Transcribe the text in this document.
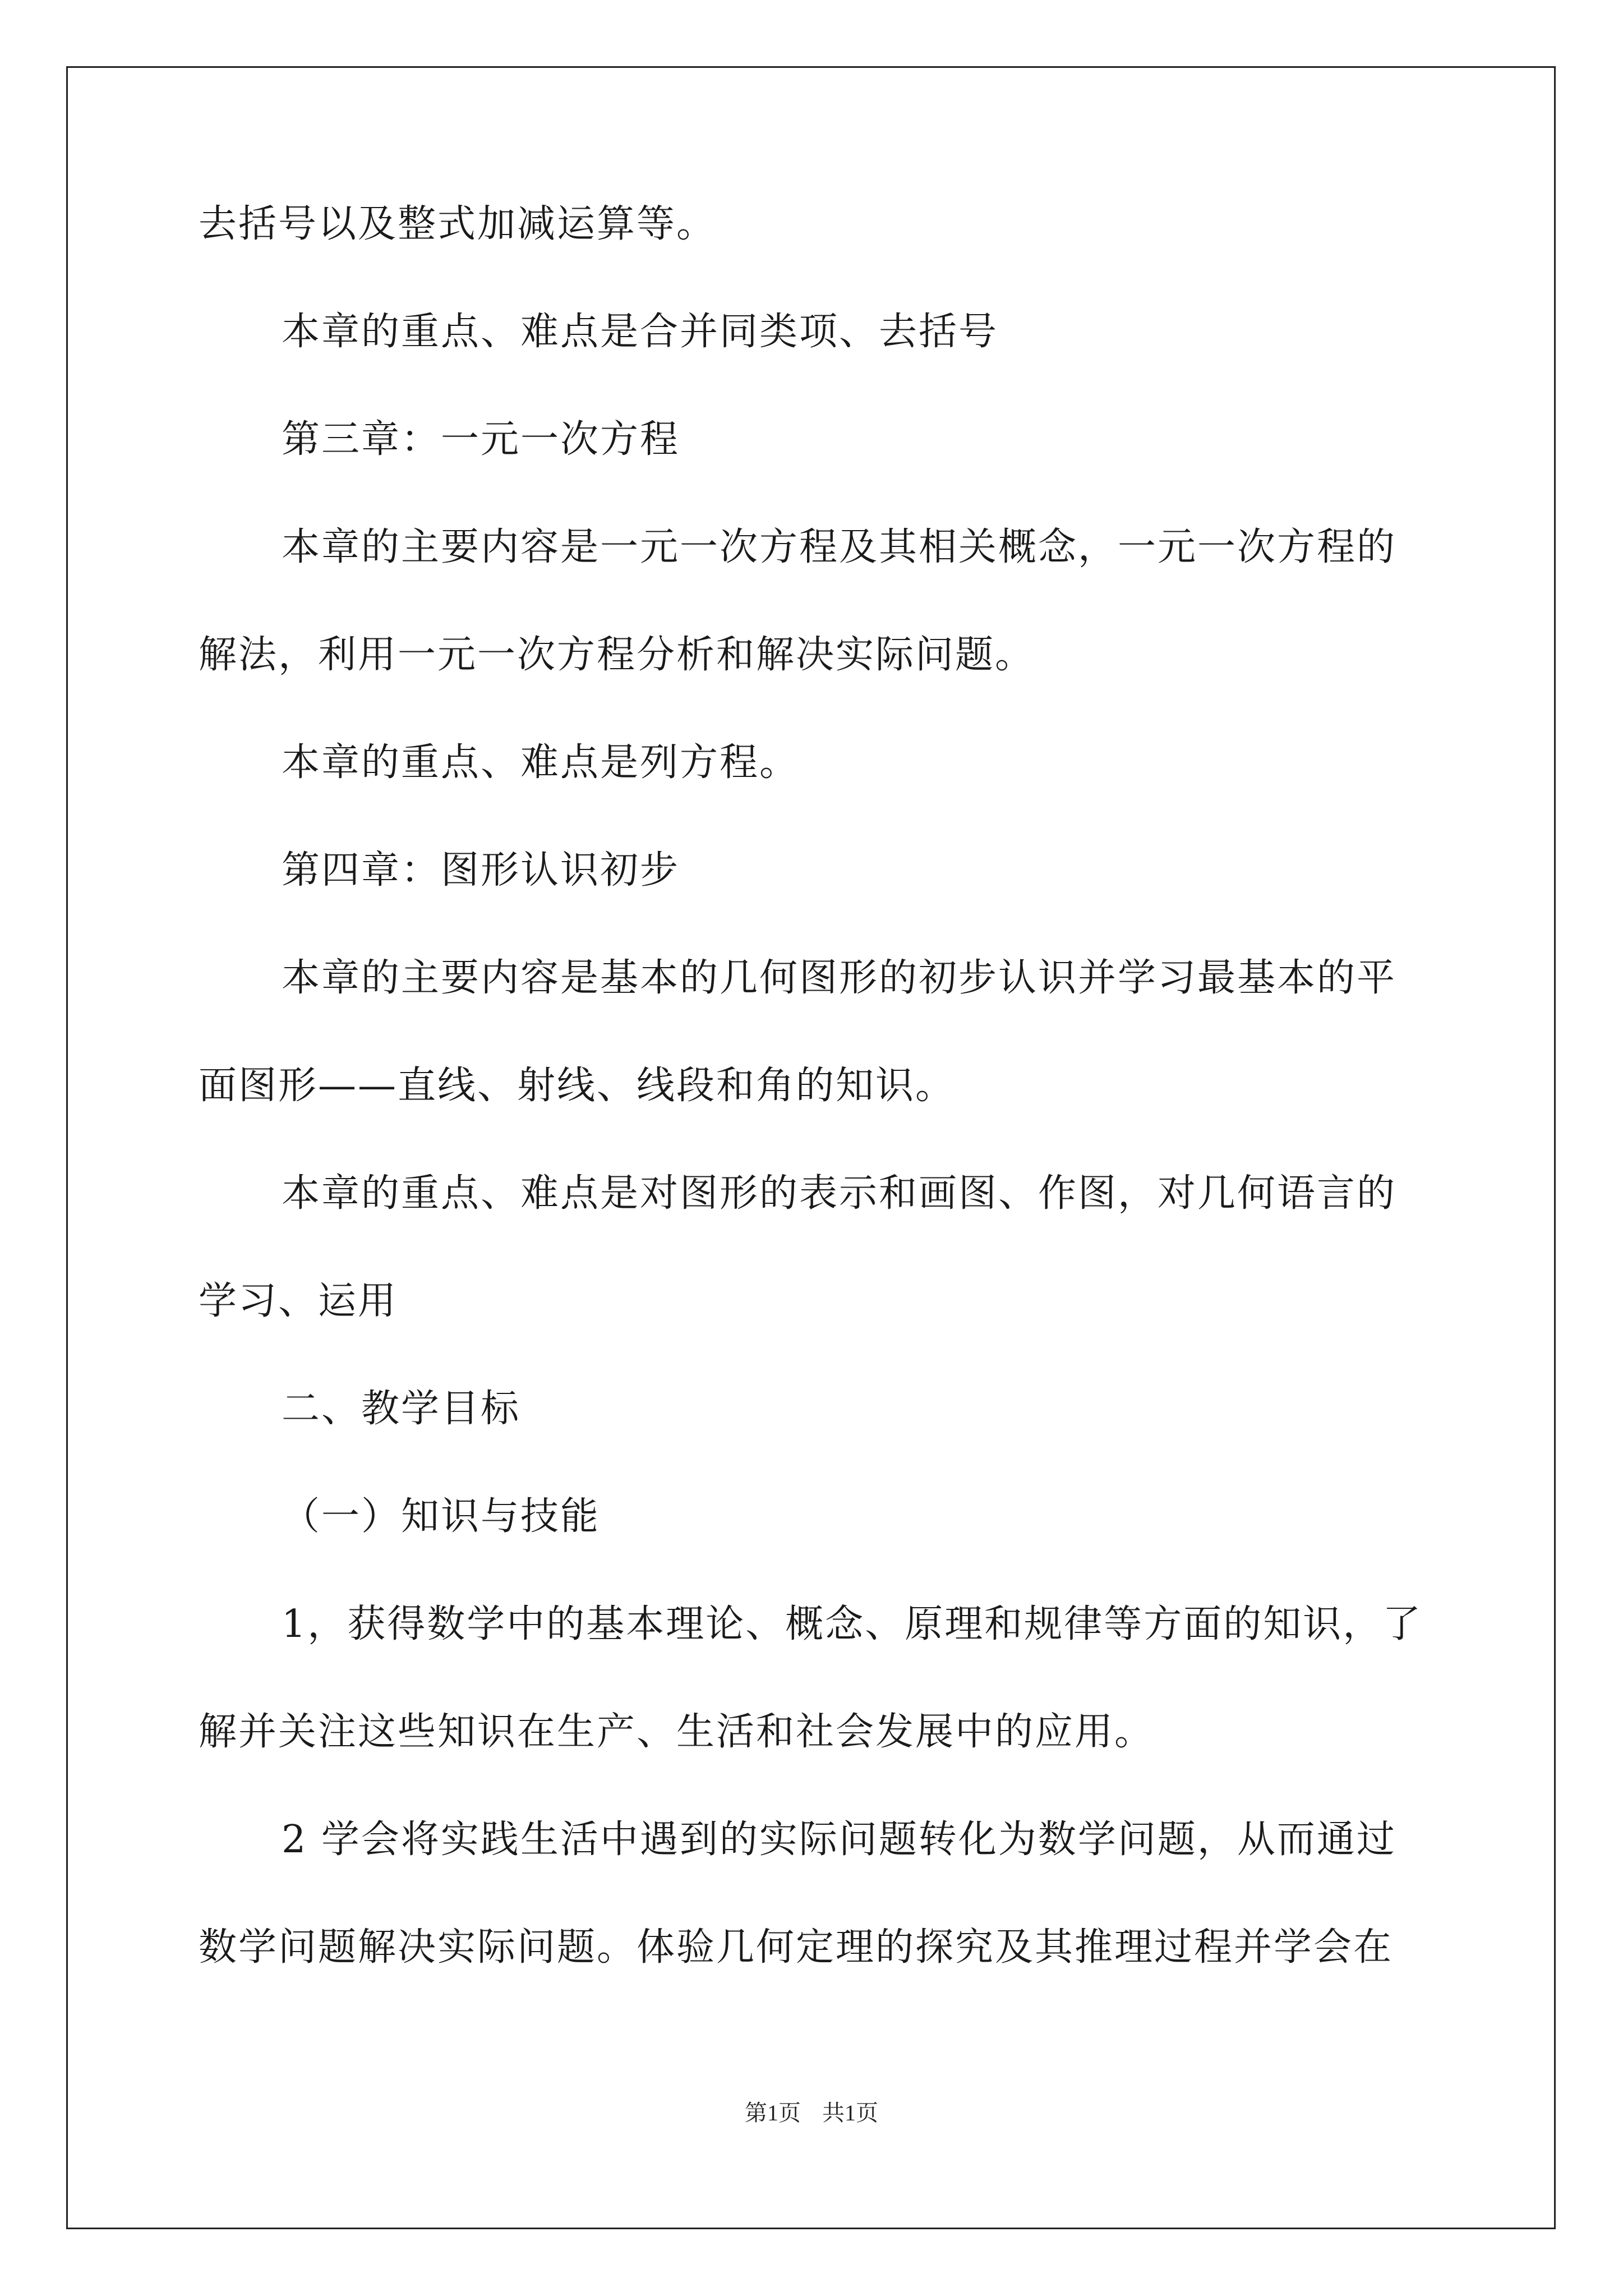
去括号以及整式加减运算等。
本章的重点、难点是合并同类项、去括号
第三章：一元一次方程
本章的主要内容是一元一次方程及其相关概念，一元一次方程的
解法，利用一元一次方程分析和解决实际问题。
本章的重点、难点是列方程。
第四章：图形认识初步
本章的主要内容是基本的几何图形的初步认识并学习最基本的平
面图形——直线、射线、线段和角的知识。
本章的重点、难点是对图形的表示和画图、作图，对几何语言的
学习、运用
二、教学目标
（一）知识与技能
1，获得数学中的基本理论、概念、原理和规律等方面的知识，了
解并关注这些知识在生产、生活和社会发展中的应用。
2 学会将实践生活中遇到的实际问题转化为数学问题，从而通过
数学问题解决实际问题。体验几何定理的探究及其推理过程并学会在
第1页 共1页
